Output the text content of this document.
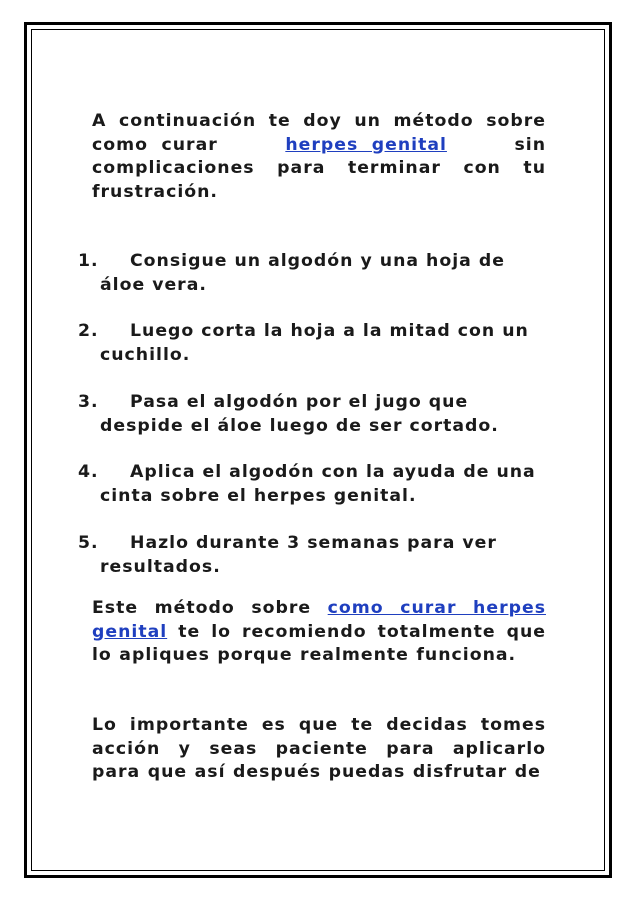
A continuación te doy un método sobre como curar	herpes genital	sin complicaciones para terminar con tu frustración.
1. Consigue un algodón y una hoja de
áloe vera.
2. Luego corta la hoja a la mitad con un
cuchillo.
3. Pasa el algodón por el jugo que
despide el áloe luego de ser cortado.
4. Aplica el algodón con la ayuda de una
cinta sobre el herpes genital.
5. Hazlo durante 3 semanas para ver
resultados.
Este método sobre como curar herpes genital te lo recomiendo totalmente que lo apliques porque realmente funciona.
Lo importante es que te decidas tomes acción y seas paciente para aplicarlo para que así después puedas disfrutar de
